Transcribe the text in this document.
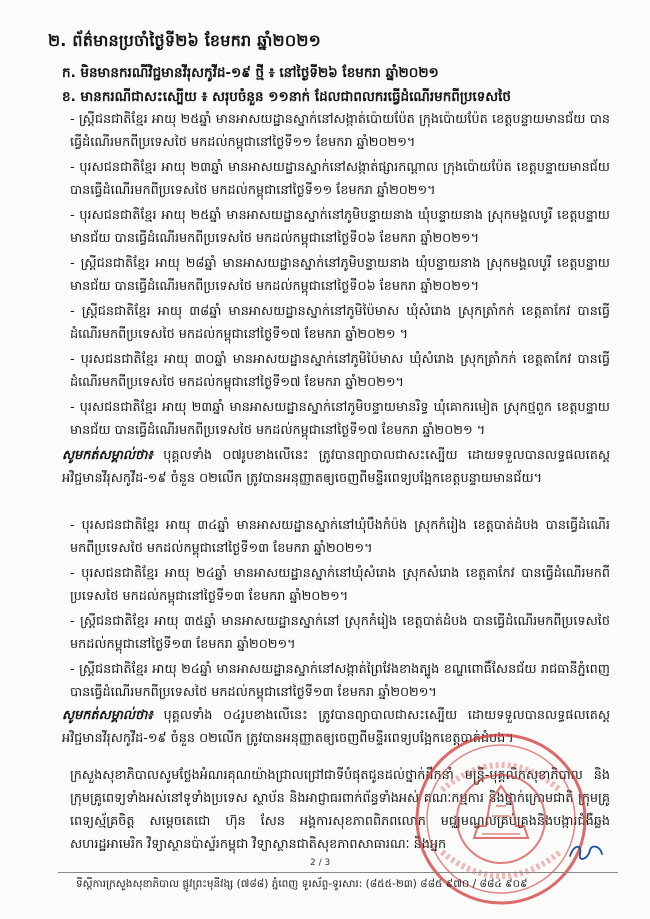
២. ព័ត៌មានប្រចាំថ្ងៃទី២៦ ខែមករា ឆ្នាំ២០២១
ក. មិនមានករណីវិជ្ជមានវីរុសកូវីដ-១៩ ថ្មី ៖ នៅថ្ងៃទី២៦ ខែមករា ឆ្នាំ២០២១
ខ. មានករណីជាសះស្បើយ ៖ សរុបចំនួន ១១នាក់ ដែលជាពលករធ្វើដំណើរមកពីប្រទេសថៃ
- ស្ត្រីជនជាតិខ្មែរ អាយុ ២៥ឆ្នាំ មានអាសយដ្ឋានស្នាក់នៅសង្កាត់ប៉ោយប៉ែត ក្រុងប៉ោយប៉ែត ខេត្តបន្ទាយមានជ័យ បានធ្វើដំណើរមកពីប្រទេសថៃ មកដល់កម្ពុជានៅថ្ងៃទី១១ ខែមករា ឆ្នាំ២០២១។
- បុរសជនជាតិខ្មែរ អាយុ ២៣ឆ្នាំ មានអាសយដ្ឋានស្នាក់នៅសង្កាត់ផ្សារកណ្តាល ក្រុងប៉ោយប៉ែត ខេត្តបន្ទាយមានជ័យ បានធ្វើដំណើរមកពីប្រទេសថៃ មកដល់កម្ពុជានៅថ្ងៃទី១១ ខែមករា ឆ្នាំ២០២១។
- បុរសជនជាតិខ្មែរ អាយុ ២៥ឆ្នាំ មានអាសយដ្ឋានស្នាក់នៅភូមិបន្ទាយនាង ឃុំបន្ទាយនាង ស្រុកមង្គលបូរី ខេត្តបន្ទាយមានជ័យ បានធ្វើដំណើរមកពីប្រទេសថៃ មកដល់កម្ពុជានៅថ្ងៃទី០៦ ខែមករា ឆ្នាំ២០២១។
- ស្ត្រីជនជាតិខ្មែរ អាយុ ២៨ឆ្នាំ មានអាសយដ្ឋានស្នាក់នៅភូមិបន្ទាយនាង ឃុំបន្ទាយនាង ស្រុកមង្គលបូរី ខេត្តបន្ទាយមានជ័យ បានធ្វើដំណើរមកពីប្រទេសថៃ មកដល់កម្ពុជានៅថ្ងៃទី០៦ ខែមករា ឆ្នាំ២០២១។
- ស្ត្រីជនជាតិខ្មែរ អាយុ ៣៨ឆ្នាំ មានអាសយដ្ឋានស្នាក់នៅភូមិប៉ៃមាស ឃុំសំរោង ស្រុកត្រាំកក់ ខេត្តតាកែវ បានធ្វើដំណើរមកពីប្រទេសថៃ មកដល់កម្ពុជានៅថ្ងៃទី១៧ ខែមករា ឆ្នាំ២០២១ ។
- បុរសជនជាតិខ្មែរ អាយុ ៣០ឆ្នាំ មានអាសយដ្ឋានស្នាក់នៅភូមិប៉ៃមាស ឃុំសំរោង ស្រុកត្រាំកក់ ខេត្តតាកែវ បានធ្វើដំណើរមកពីប្រទេសថៃ មកដល់កម្ពុជានៅថ្ងៃទី១៧ ខែមករា ឆ្នាំ២០២១។
- បុរសជនជាតិខ្មែរ អាយុ ២៣ឆ្នាំ មានអាសយដ្ឋានស្នាក់នៅភូមិបន្ទាយមានរិទ្ធ ឃុំគោករមៀត ស្រុកថ្មពួក ខេត្តបន្ទាយមានជ័យ បានធ្វើដំណើរមកពីប្រទេសថៃ មកដល់កម្ពុជានៅថ្ងៃទី១៧ ខែមករា ឆ្នាំ២០២១ ។
សូមកត់សម្គាល់ថា៖ បុគ្គលទាំង ០៧រូបខាងលើនេះ ត្រូវបានព្យាបាលជាសះស្បើយ ដោយទទួលបានលទ្ធផលតេស្ត អវិជ្ជមានវីរុសកូវីដ-១៩ ចំនួន ០២លើក ត្រូវបានអនុញ្ញាតឲ្យចេញពីមន្ទីរពេទ្យបង្អែកខេត្តបន្ទាយមានជ័យ។
- បុរសជនជាតិខ្មែរ អាយុ ៣៤ឆ្នាំ មានអាសយដ្ឋានស្នាក់នៅឃុំបឹងកំប៉ង ស្រុកកំរៀង ខេត្តបាត់ដំបង បានធ្វើដំណើរមកពីប្រទេសថៃ មកដល់កម្ពុជានៅថ្ងៃទី១៣ ខែមករា ឆ្នាំ២០២១។
- បុរសជនជាតិខ្មែរ អាយុ ២៤ឆ្នាំ មានអាសយដ្ឋានស្នាក់នៅឃុំសំរោង ស្រុកសំរោង ខេត្តតាកែវ បានធ្វើដំណើរមកពីប្រទេសថៃ មកដល់កម្ពុជានៅថ្ងៃទី១៣ ខែមករា ឆ្នាំ២០២១។
- ស្ត្រីជនជាតិខ្មែរ អាយុ ៣៥ឆ្នាំ មានអាសយដ្ឋានស្នាក់នៅ ស្រុកកំរៀង ខេត្តបាត់ដំបង បានធ្វើដំណើរមកពីប្រទេសថៃ មកដល់កម្ពុជានៅថ្ងៃទី១៣ ខែមករា ឆ្នាំ២០២១។
- ស្ត្រីជនជាតិខ្មែរ អាយុ ២៤ឆ្នាំ មានអាសយដ្ឋានស្នាក់នៅសង្កាត់ព្រៃវែងខាងត្បូង ខណ្ឌពោធិ៍សែនជ័យ រាជធានីភ្នំពេញ បានធ្វើដំណើរមកពីប្រទេសថៃ មកដល់កម្ពុជានៅថ្ងៃទី១៣ ខែមករា ឆ្នាំ២០២១។
សូមកត់សម្គាល់ថា៖ បុគ្គលទាំង ០៤រូបខាងលើនេះ ត្រូវបានព្យាបាលជាសះស្បើយ ដោយទទួលបានលទ្ធផលតេស្ត អវិជ្ជមានវីរុសកូវីដ-១៩ ចំនួន ០២លើក ត្រូវបានអនុញ្ញាតឲ្យចេញពីមន្ទីរពេទ្យបង្អែកខេត្តបាត់ដំបង។
ក្រសួងសុខាភិបាលសូមថ្លែងអំណរគុណយ៉ាងជ្រាលជ្រៅជាទីបំផុតជូនដល់ថ្នាក់ដឹកនាំ មន្ត្រី-បុគ្គលិកសុខាភិបាល និងក្រុមគ្រូពេទ្យទាំងអស់នៅទូទាំងប្រទេស ស្ថាប័ន និងអាជ្ញាធរពាក់ព័ន្ធទាំងអស់ គណៈកម្មការ និងថ្នាក់ក្រោមជាតិ ក្រុមគ្រូពេទ្យស្ម័គ្រចិត្ត សម្តេចតេជោ ហ៊ុន សែន អង្គការសុខភាពពិភពលោក មជ្ឈមណ្ឌលគ្រប់គ្រងនិងបង្ការជំងឺឆ្លងសហរដ្ឋអាមេរិក វិទ្យាស្ថានប៉ាស្ទ័រកម្ពុជា វិទ្យាស្ថានជាតិសុខភាពសាធារណៈ និងអ្នក
2 / 3
ទីស្តីការក្រសួងសុខាភិបាល ផ្លូវព្រះមុនីវង្ស (៧៨៨) ភ្នំពេញ ទូរស័ព្ទ-ទូរសារ: (៨៥៥-២៣) ៨៨៥ ៩៧០ / ៨៨៤ ៩០៩
